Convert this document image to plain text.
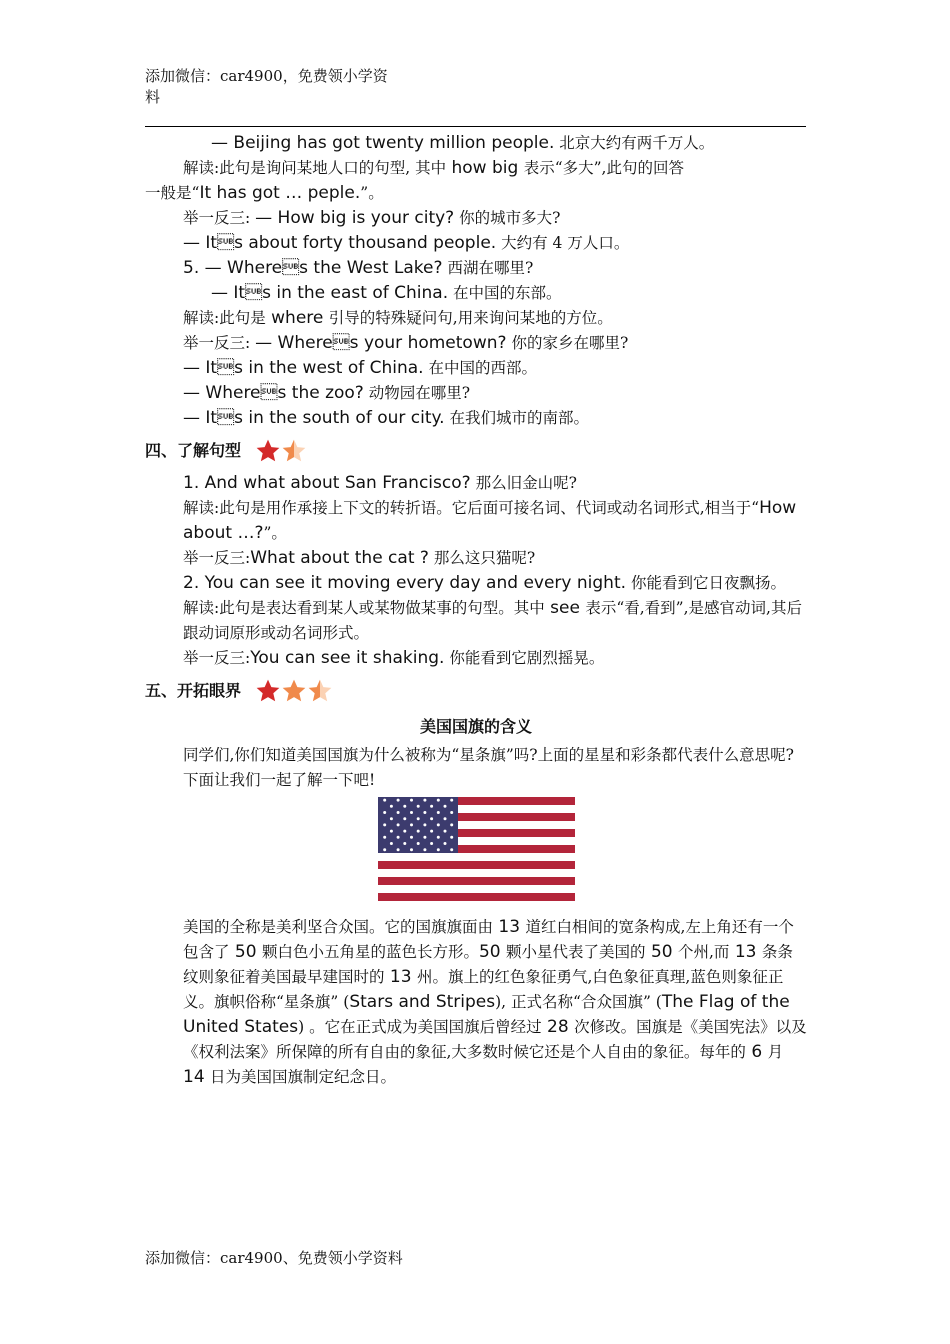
添加微信：car4900，免费领小学资料
— Beijing has got twenty million people. 北京大约有两千万人。
解读:此句是询问某地人口的句型, 其中 how big 表示“多大”,此句的回答
一般是“It has got … peple.”。
举一反三: — How big is your city? 你的城市多大?
— Its about forty thousand people. 大约有 4 万人口。
5. — Wheres the West Lake? 西湖在哪里?
— Its in the east of China. 在中国的东部。
解读:此句是 where 引导的特殊疑问句,用来询问某地的方位。
举一反三: — Wheres your hometown? 你的家乡在哪里?
— Its in the west of China. 在中国的西部。
— Wheres the zoo? 动物园在哪里?
— Its in the south of our city. 在我们城市的南部。
四、了解句型
1. And what about San Francisco? 那么旧金山呢?
解读:此句是用作承接上下文的转折语。它后面可接名词、代词或动名词形式,相当于“How about …?”。
举一反三:What about the cat ? 那么这只猫呢?
2. You can see it moving every day and every night. 你能看到它日夜飘扬。
解读:此句是表达看到某人或某物做某事的句型。其中 see 表示“看,看到”,是感官动词,其后跟动词原形或动名词形式。
举一反三:You can see it shaking. 你能看到它剧烈摇晃。
五、开拓眼界
美国国旗的含义
同学们,你们知道美国国旗为什么被称为“星条旗”吗?上面的星星和彩条都代表什么意思呢?下面让我们一起了解一下吧!
美国的全称是美利坚合众国。它的国旗旗面由 13 道红白相间的宽条构成,左上角还有一个包含了 50 颗白色小五角星的蓝色长方形。50 颗小星代表了美国的 50 个州,而 13 条条纹则象征着美国最早建国时的 13 州。旗上的红色象征勇气,白色象征真理,蓝色则象征正义。旗帜俗称“星条旗” (Stars and Stripes), 正式名称“合众国旗” (The Flag of the United States) 。它在正式成为美国国旗后曾经过 28 次修改。国旗是《美国宪法》以及《权利法案》所保障的所有自由的象征,大多数时候它还是个人自由的象征。每年的 6 月 14 日为美国国旗制定纪念日。
添加微信：car4900、免费领小学资料
